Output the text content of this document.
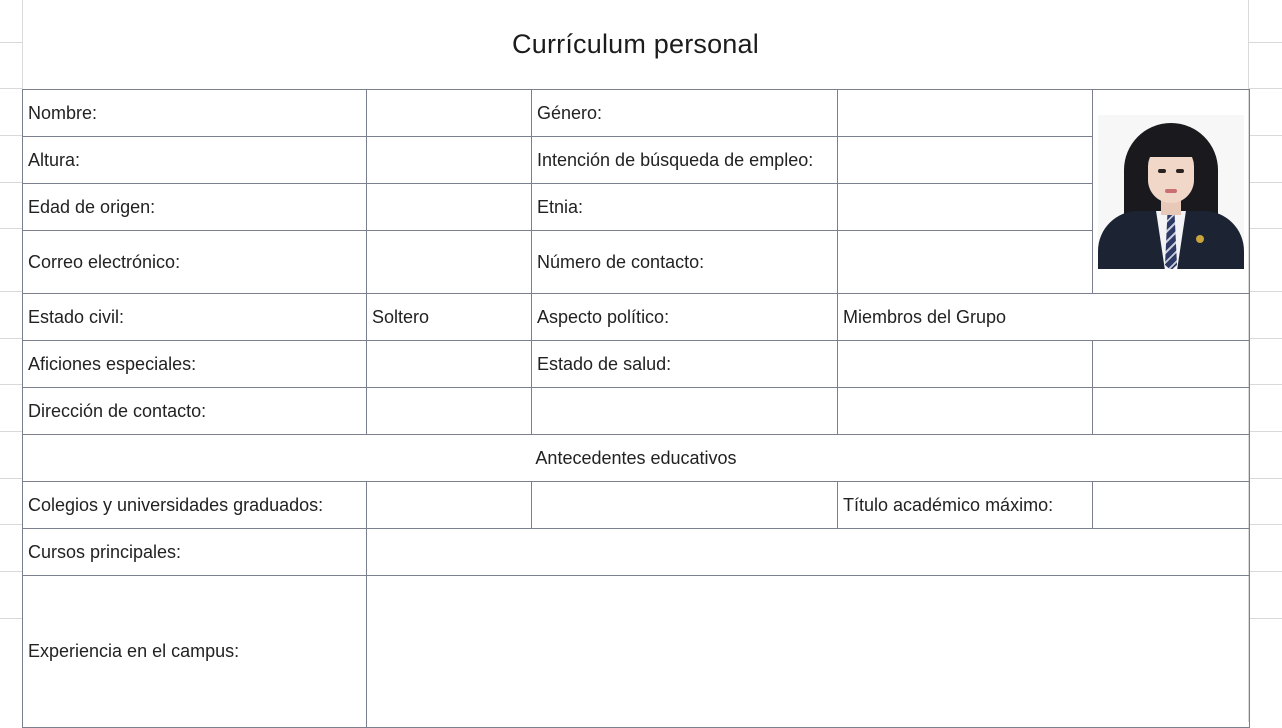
Currículum personal
Nombre:		Género:		

Altura:		Intención de búsqueda de empleo:		
Edad de origen:		Etnia:		
Correo electrónico:		Número de contacto:		
Estado civil:	Soltero	Aspecto político:	Miembros del Grupo	
Aficiones especiales:		Estado de salud:		
Dirección de contacto:				
Antecedentes educativos				
Colegios y universidades graduados:			Título académico máximo:	
Cursos principales:				
Experiencia en el campus:				
